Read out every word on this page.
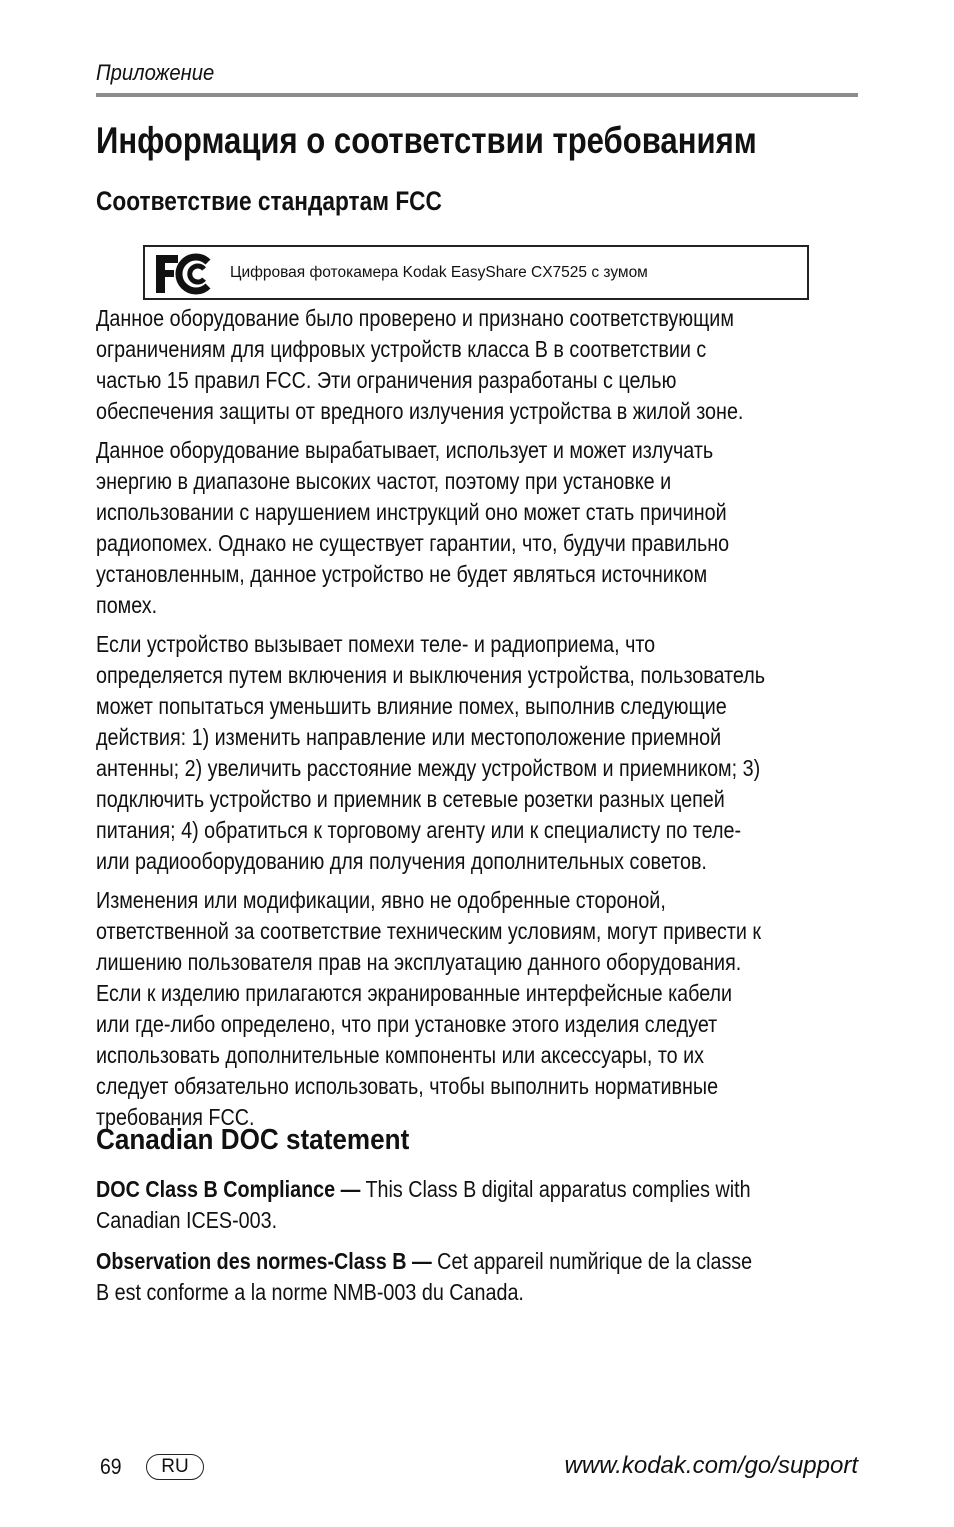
Приложение
Информация о соответствии требованиям
Соответствие стандартам FCC
FC
Цифровая фотокамера Kodak EasyShare CX7525 с зумом

Данное оборудование было проверено и признано соответствующим ограничениям для цифровых устройств класса B в соответствии с частью 15 правил FCC. Эти ограничения разработаны с целью обеспечения защиты от вредного излучения устройства в жилой зоне.

Данное оборудование вырабатывает, использует и может излучать энергию в диапазоне высоких частот, поэтому при установке и использовании с нарушением инструкций оно может стать причиной радиопомех. Однако не существует гарантии, что, будучи правильно установленным, данное устройство не будет являться источником помех.

Если устройство вызывает помехи теле- и радиоприема, что определяется путем включения и выключения устройства, пользователь может попытаться уменьшить влияние помех, выполнив следующие действия: 1) изменить направление или местоположение приемной антенны; 2) увеличить расстояние между устройством и приемником; 3) подключить устройство и приемник в сетевые розетки разных цепей питания; 4) обратиться к торговому агенту или к специалисту по теле- или радиооборудованию для получения дополнительных советов.

Изменения или модификации, явно не одобренные стороной, ответственной за соответствие техническим условиям, могут привести к лишению пользователя прав на эксплуатацию данного оборудования. Если к изделию прилагаются экранированные интерфейсные кабели или где-либо определено, что при установке этого изделия следует использовать дополнительные компоненты или аксессуары, то их следует обязательно использовать, чтобы выполнить нормативные требования FCC.

Canadian DOC statement

DOC Class B Compliance — This Class B digital apparatus complies with Canadian ICES-003.

Observation des normes-Class B — Cet appareil numйrique de la classe B est conforme a la norme NMB-003 du Canada.

69	RU	www.kodak.com/go/support
